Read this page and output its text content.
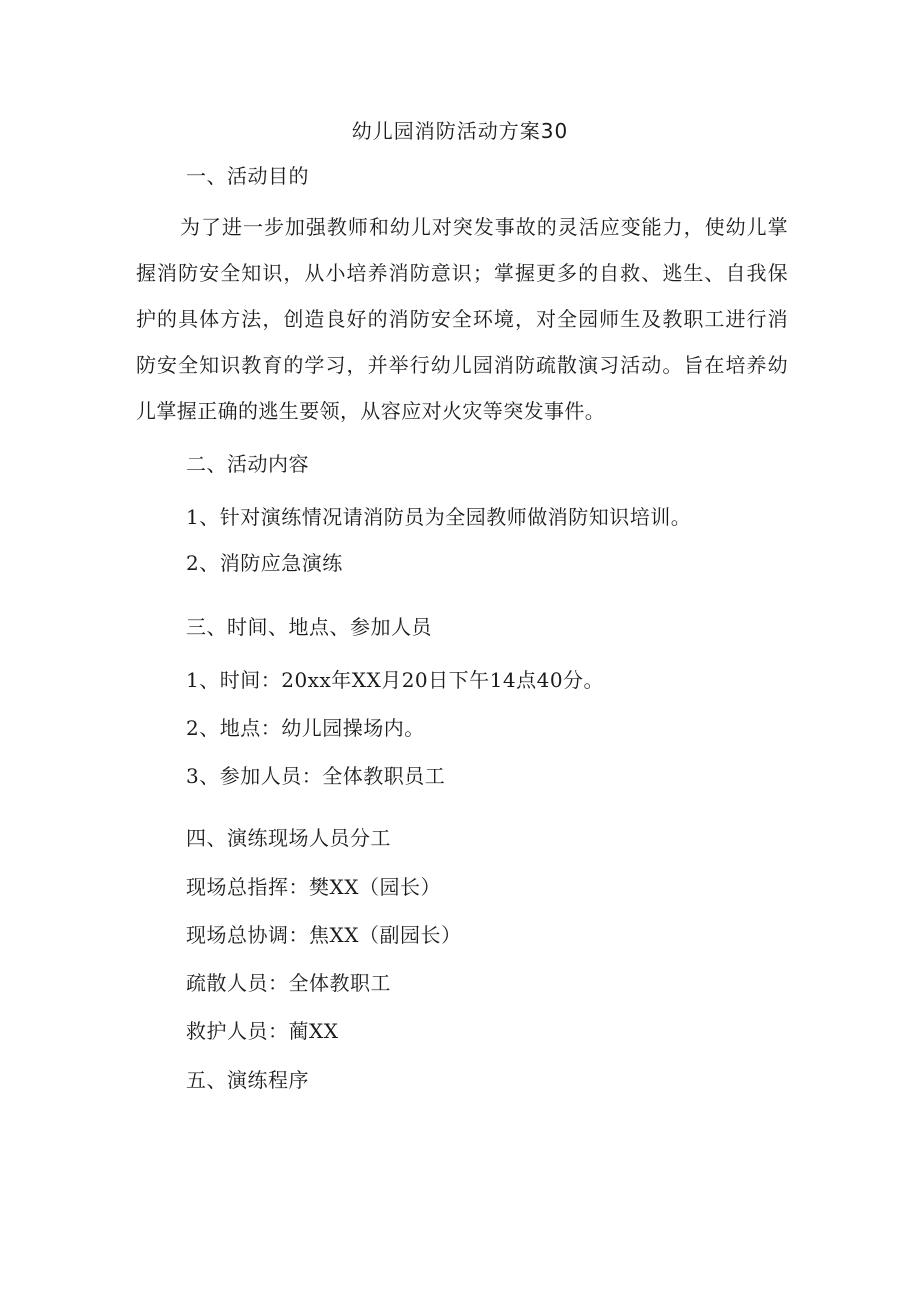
幼儿园消防活动方案30
一、活动目的
为了进一步加强教师和幼儿对突发事故的灵活应变能力，使幼儿掌握消防安全知识，从小培养消防意识；掌握更多的自救、逃生、自我保护的具体方法，创造良好的消防安全环境，对全园师生及教职工进行消防安全知识教育的学习，并举行幼儿园消防疏散演习活动。旨在培养幼儿掌握正确的逃生要领，从容应对火灾等突发事件。
二、活动内容
1、针对演练情况请消防员为全园教师做消防知识培训。
2、消防应急演练
三、时间、地点、参加人员
1、时间：20xx年XX月20日下午14点40分。
2、地点：幼儿园操场内。
3、参加人员：全体教职员工
四、演练现场人员分工
现场总指挥：樊XX（园长）
现场总协调：焦XX（副园长）
疏散人员：全体教职工
救护人员：蔺XX
五、演练程序
